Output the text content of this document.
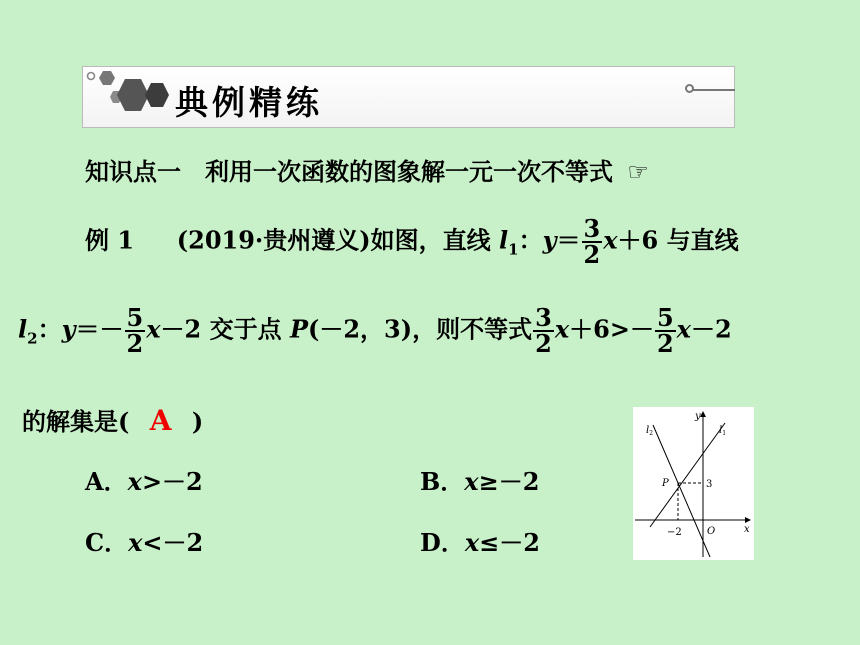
典例精练
知识点一　利用一次函数的图象解一元一次不等式 ☞
例 1 (2019·贵州遵义)如图，直线 $l_1$：$y= \frac{3}{2} x+6$ 与直线
$l_2$：$y=- \frac{5}{2} x-2$ 交于点 P(－2，3)，则不等式 $\frac{3}{2} x+6>- \frac{5}{2} x-2$
的解集是( A )
A．x>－2	B．x≥－2
C．x<－2	D．x≤－2
y
x
O
P	3
−2
$l_2$	$l_1$
